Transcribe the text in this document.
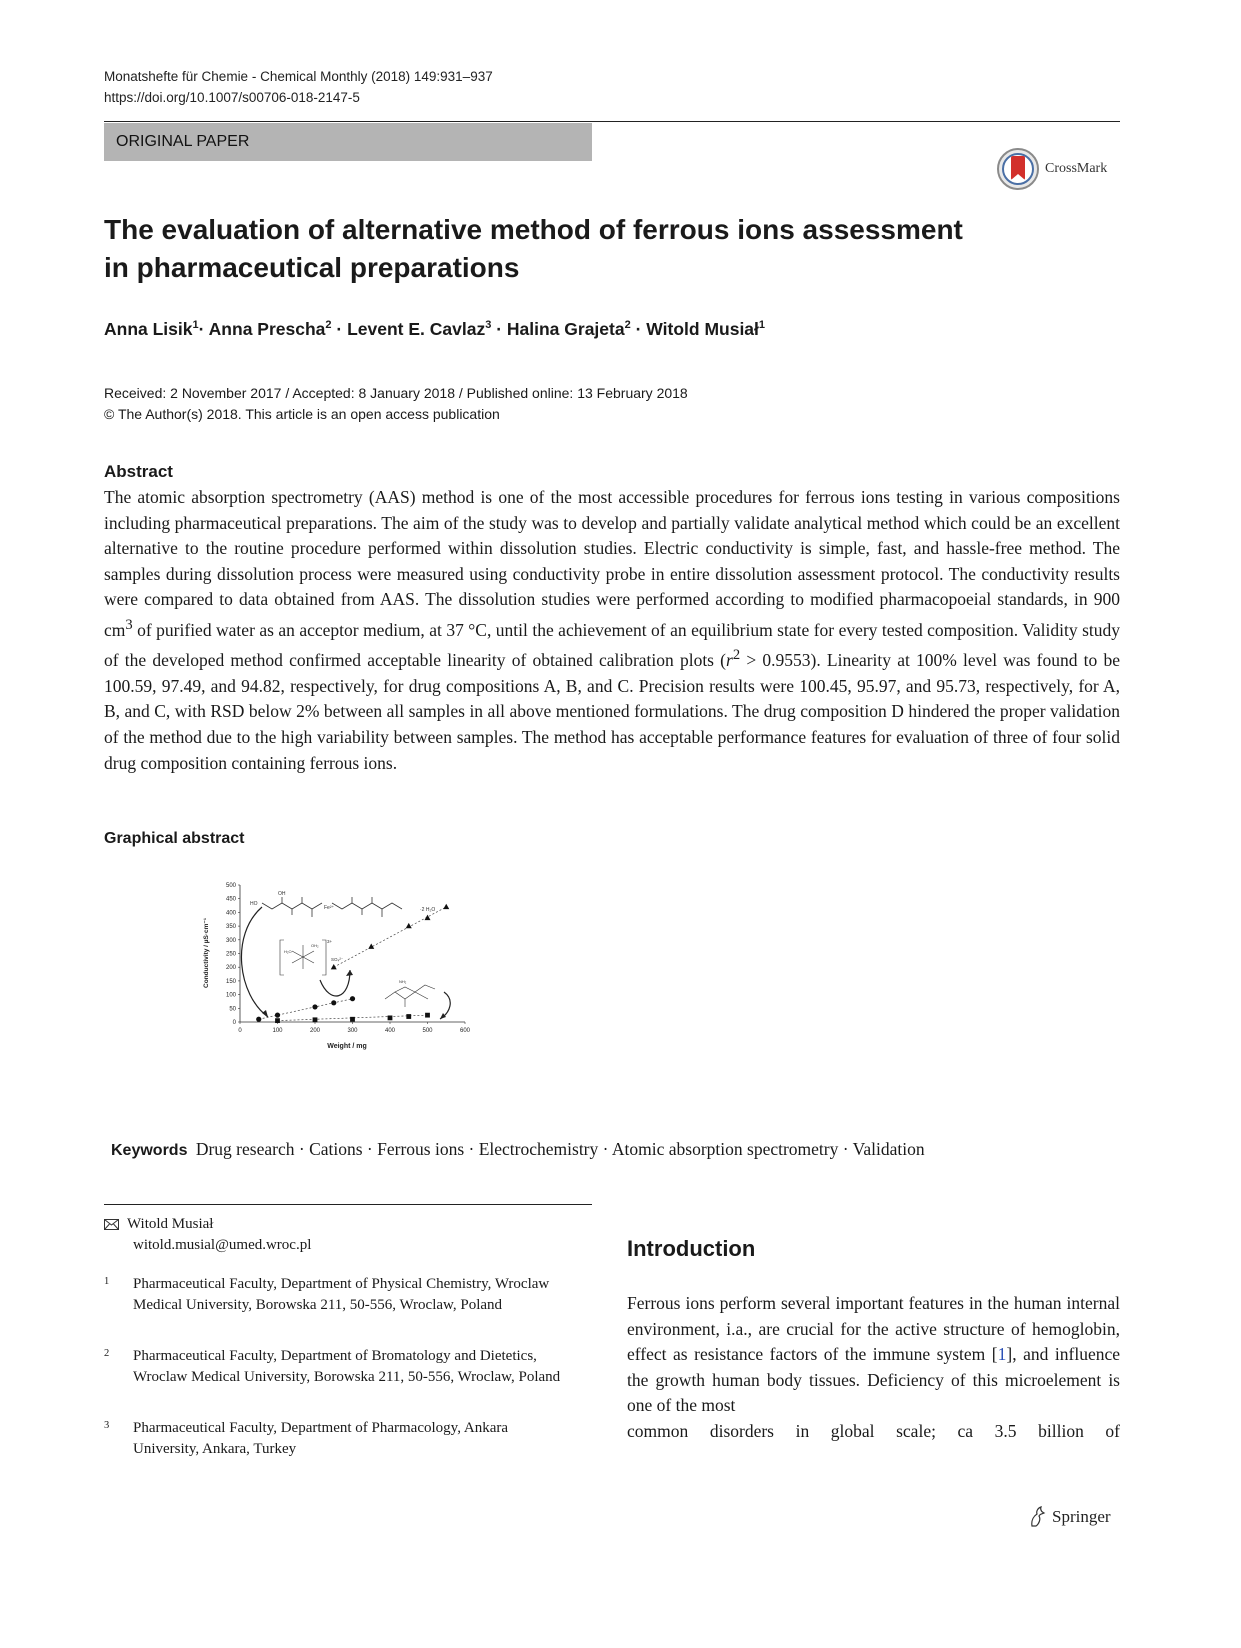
Monatshefte für Chemie - Chemical Monthly (2018) 149:931–937
https://doi.org/10.1007/s00706-018-2147-5
ORIGINAL PAPER
CrossMark
The evaluation of alternative method of ferrous ions assessment
in pharmaceutical preparations
Anna Lisik$^1$· Anna Prescha$^2$ · Levent E. Cavlaz$^3$ · Halina Grajeta$^2$ · Witold Musiał$^1$
Received: 2 November 2017 / Accepted: 8 January 2018 / Published online: 13 February 2018
© The Author(s) 2018. This article is an open access publication
Abstract
The atomic absorption spectrometry (AAS) method is one of the most accessible procedures for ferrous ions testing in various compositions including pharmaceutical preparations. The aim of the study was to develop and partially validate analytical method which could be an excellent alternative to the routine procedure performed within dissolution studies. Electric conductivity is simple, fast, and hassle-free method. The samples during dissolution process were measured using conductivity probe in entire dissolution assessment protocol. The conductivity results were compared to data obtained from AAS. The dissolution studies were performed according to modified pharmacopoeial standards, in 900 $cm^3$ of purified water as an acceptor medium, at 37 °C, until the achievement of an equilibrium state for every tested composition. Validity study of the developed method confirmed acceptable linearity of obtained calibration plots $(r^2 > 0.9553)$. Linearity at 100% level was found to be 100.59, 97.49, and 94.82, respectively, for drug compositions A, B, and C. Precision results were 100.45, 95.97, and 95.73, respectively, for A, B, and C, with RSD below 2% between all samples in all above mentioned formulations. The drug composition D hindered the proper validation of the method due to the high variability between samples. The method has acceptable performance features for evaluation of three of four solid drug composition containing ferrous ions.
Graphical abstract
0
50
100
150
200
250
300
350
400
450
500
0	100	200	300	400	500	600
HO
OH
Fe²⁺	·2 H₂O
3+
SO₄²⁻
H₂O
OH₂
NH₂
Weight / mg
Conductivity / µS·cm⁻¹
Keywords Drug research · Cations · Ferrous ions · Electrochemistry · Atomic absorption spectrometry · Validation
Witold Musiał
witold.musial@umed.wroc.pl
1	Pharmaceutical Faculty, Department of Physical Chemistry, Wroclaw Medical University, Borowska 211, 50-556, Wroclaw, Poland
2	Pharmaceutical Faculty, Department of Bromatology and Dietetics, Wroclaw Medical University, Borowska 211, 50-556, Wroclaw, Poland
3	Pharmaceutical Faculty, Department of Pharmacology, Ankara University, Ankara, Turkey
Introduction
Ferrous ions perform several important features in the human internal environment, i.a., are crucial for the active structure of hemoglobin, effect as resistance factors of the immune system [1], and influence the growth human body tissues. Deficiency of this microelement is one of the most
common disorders in global scale; ca 3.5 billion of
Springer
